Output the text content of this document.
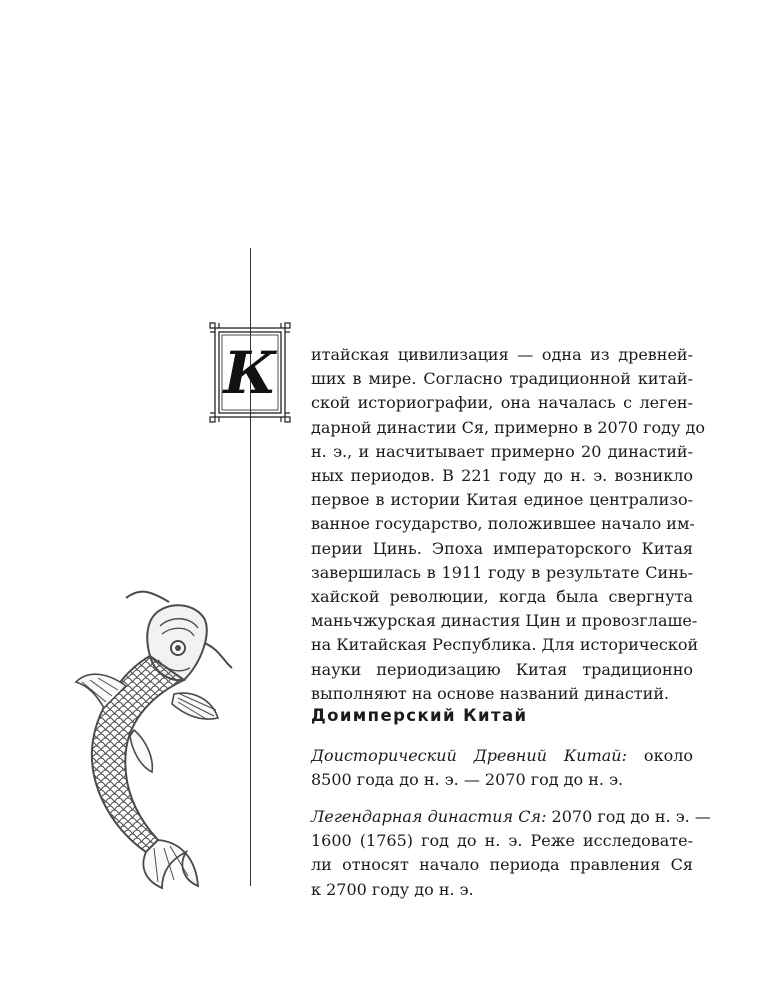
К	итайская цивилизация — одна из древней-
ших в мире. Согласно традиционной китай-
ской историографии, она началась с леген-
дарной династии Ся, примерно в 2070 году до
н. э., и насчитывает примерно 20 династий-
ных периодов. В 221 году до н. э. возникло
первое в истории Китая единое централизо-
ванное государство, положившее начало им-
перии Цинь. Эпоха императорского Китая
завершилась в 1911 году в результате Синь-
хайской революции, когда была свергнута
маньчжурская династия Цин и провозглаше-
на Китайская Республика. Для исторической
науки периодизацию Китая традиционно
выполняют на основе названий династий.
Доимперский Китай
Доисторический Древний Китай: около
8500 года до н. э. — 2070 год до н. э.
Легендарная династия Ся: 2070 год до н. э. —
1600 (1765) год до н. э. Реже исследовате-
ли относят начало периода правления Ся
к 2700 году до н. э.
